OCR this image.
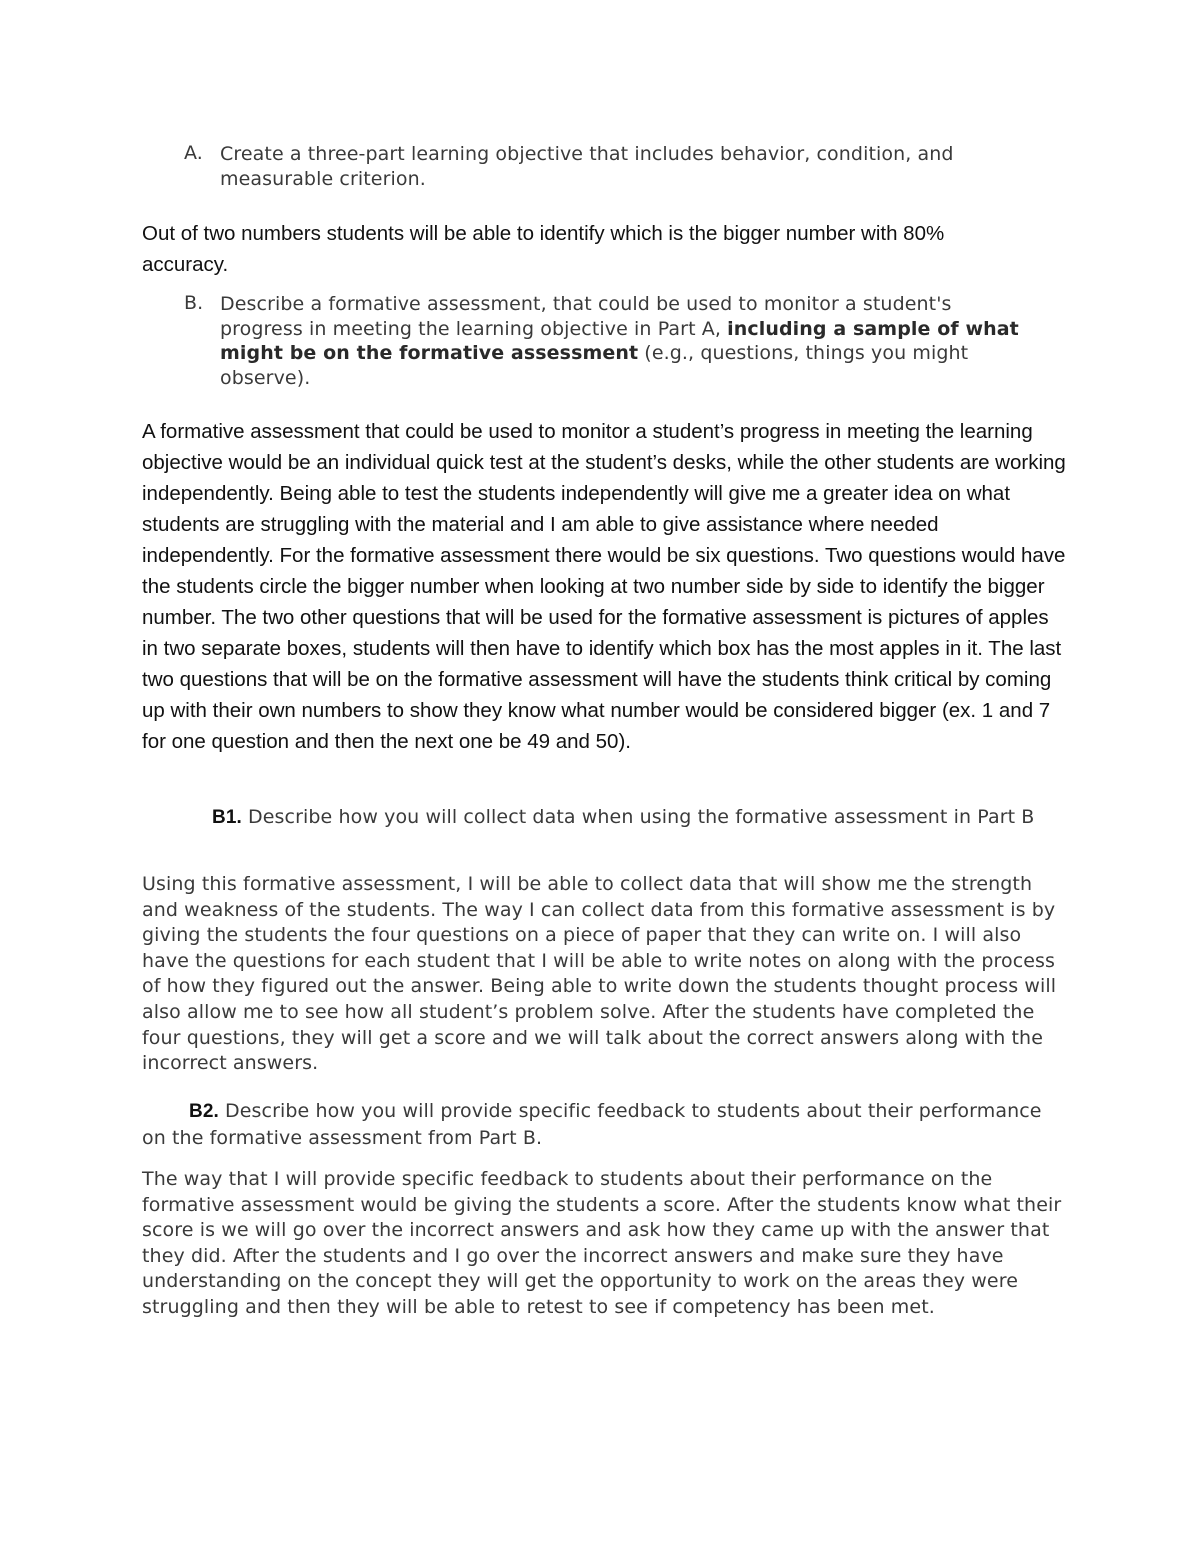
A. Create a three-part learning objective that includes behavior, condition, and measurable criterion.
Out of two numbers students will be able to identify which is the bigger number with 80% accuracy.
B. Describe a formative assessment, that could be used to monitor a student's progress in meeting the learning objective in Part A, including a sample of what might be on the formative assessment (e.g., questions, things you might observe).
A formative assessment that could be used to monitor a student’s progress in meeting the learning objective would be an individual quick test at the student’s desks, while the other students are working independently. Being able to test the students independently will give me a greater idea on what students are struggling with the material and I am able to give assistance where needed independently. For the formative assessment there would be six questions. Two questions would have the students circle the bigger number when looking at two number side by side to identify the bigger number. The two other questions that will be used for the formative assessment is pictures of apples in two separate boxes, students will then have to identify which box has the most apples in it. The last two questions that will be on the formative assessment will have the students think critical by coming up with their own numbers to show they know what number would be considered bigger (ex. 1 and 7 for one question and then the next one be 49 and 50).
B1. Describe how you will collect data when using the formative assessment in Part B
Using this formative assessment, I will be able to collect data that will show me the strength and weakness of the students. The way I can collect data from this formative assessment is by giving the students the four questions on a piece of paper that they can write on. I will also have the questions for each student that I will be able to write notes on along with the process of how they figured out the answer. Being able to write down the students thought process will also allow me to see how all student’s problem solve. After the students have completed the four questions, they will get a score and we will talk about the correct answers along with the incorrect answers.
B2. Describe how you will provide specific feedback to students about their performance on the formative assessment from Part B.
The way that I will provide specific feedback to students about their performance on the formative assessment would be giving the students a score. After the students know what their score is we will go over the incorrect answers and ask how they came up with the answer that they did. After the students and I go over the incorrect answers and make sure they have understanding on the concept they will get the opportunity to work on the areas they were struggling and then they will be able to retest to see if competency has been met.
